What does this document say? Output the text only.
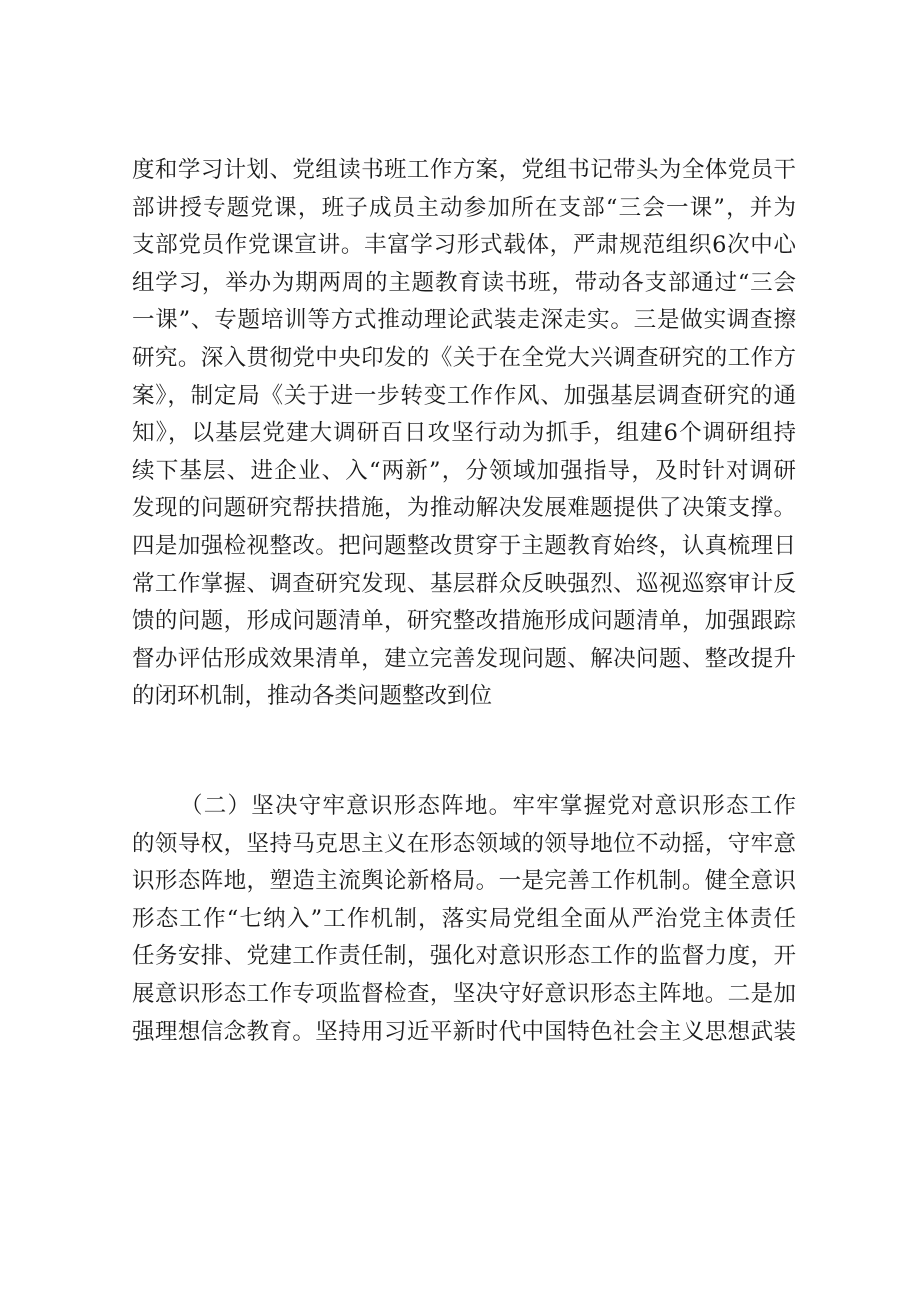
度和学习计划、党组读书班工作方案，党组书记带头为全体党员干
部讲授专题党课，班子成员主动参加所在支部“三会一课”，并为
支部党员作党课宣讲。丰富学习形式载体，严肃规范组织6次中心
组学习，举办为期两周的主题教育读书班，带动各支部通过“三会
一课”、专题培训等方式推动理论武装走深走实。三是做实调查擦
研究。深入贯彻党中央印发的《关于在全党大兴调查研究的工作方
案》，制定局《关于进一步转变工作作风、加强基层调查研究的通
知》，以基层党建大调研百日攻坚行动为抓手，组建6个调研组持
续下基层、进企业、入“两新”，分领域加强指导，及时针对调研
发现的问题研究帮扶措施，为推动解决发展难题提供了决策支撑。
四是加强检视整改。把问题整改贯穿于主题教育始终，认真梳理日
常工作掌握、调查研究发现、基层群众反映强烈、巡视巡察审计反
馈的问题，形成问题清单，研究整改措施形成问题清单，加强跟踪
督办评估形成效果清单，建立完善发现问题、解决问题、整改提升
的闭环机制，推动各类问题整改到位
（二）坚决守牢意识形态阵地。牢牢掌握党对意识形态工作
的领导权，坚持马克思主义在形态领域的领导地位不动摇，守牢意
识形态阵地，塑造主流舆论新格局。一是完善工作机制。健全意识
形态工作“七纳入”工作机制，落实局党组全面从严治党主体责任
任务安排、党建工作责任制，强化对意识形态工作的监督力度，开
展意识形态工作专项监督检查，坚决守好意识形态主阵地。二是加
强理想信念教育。坚持用习近平新时代中国特色社会主义思想武装
